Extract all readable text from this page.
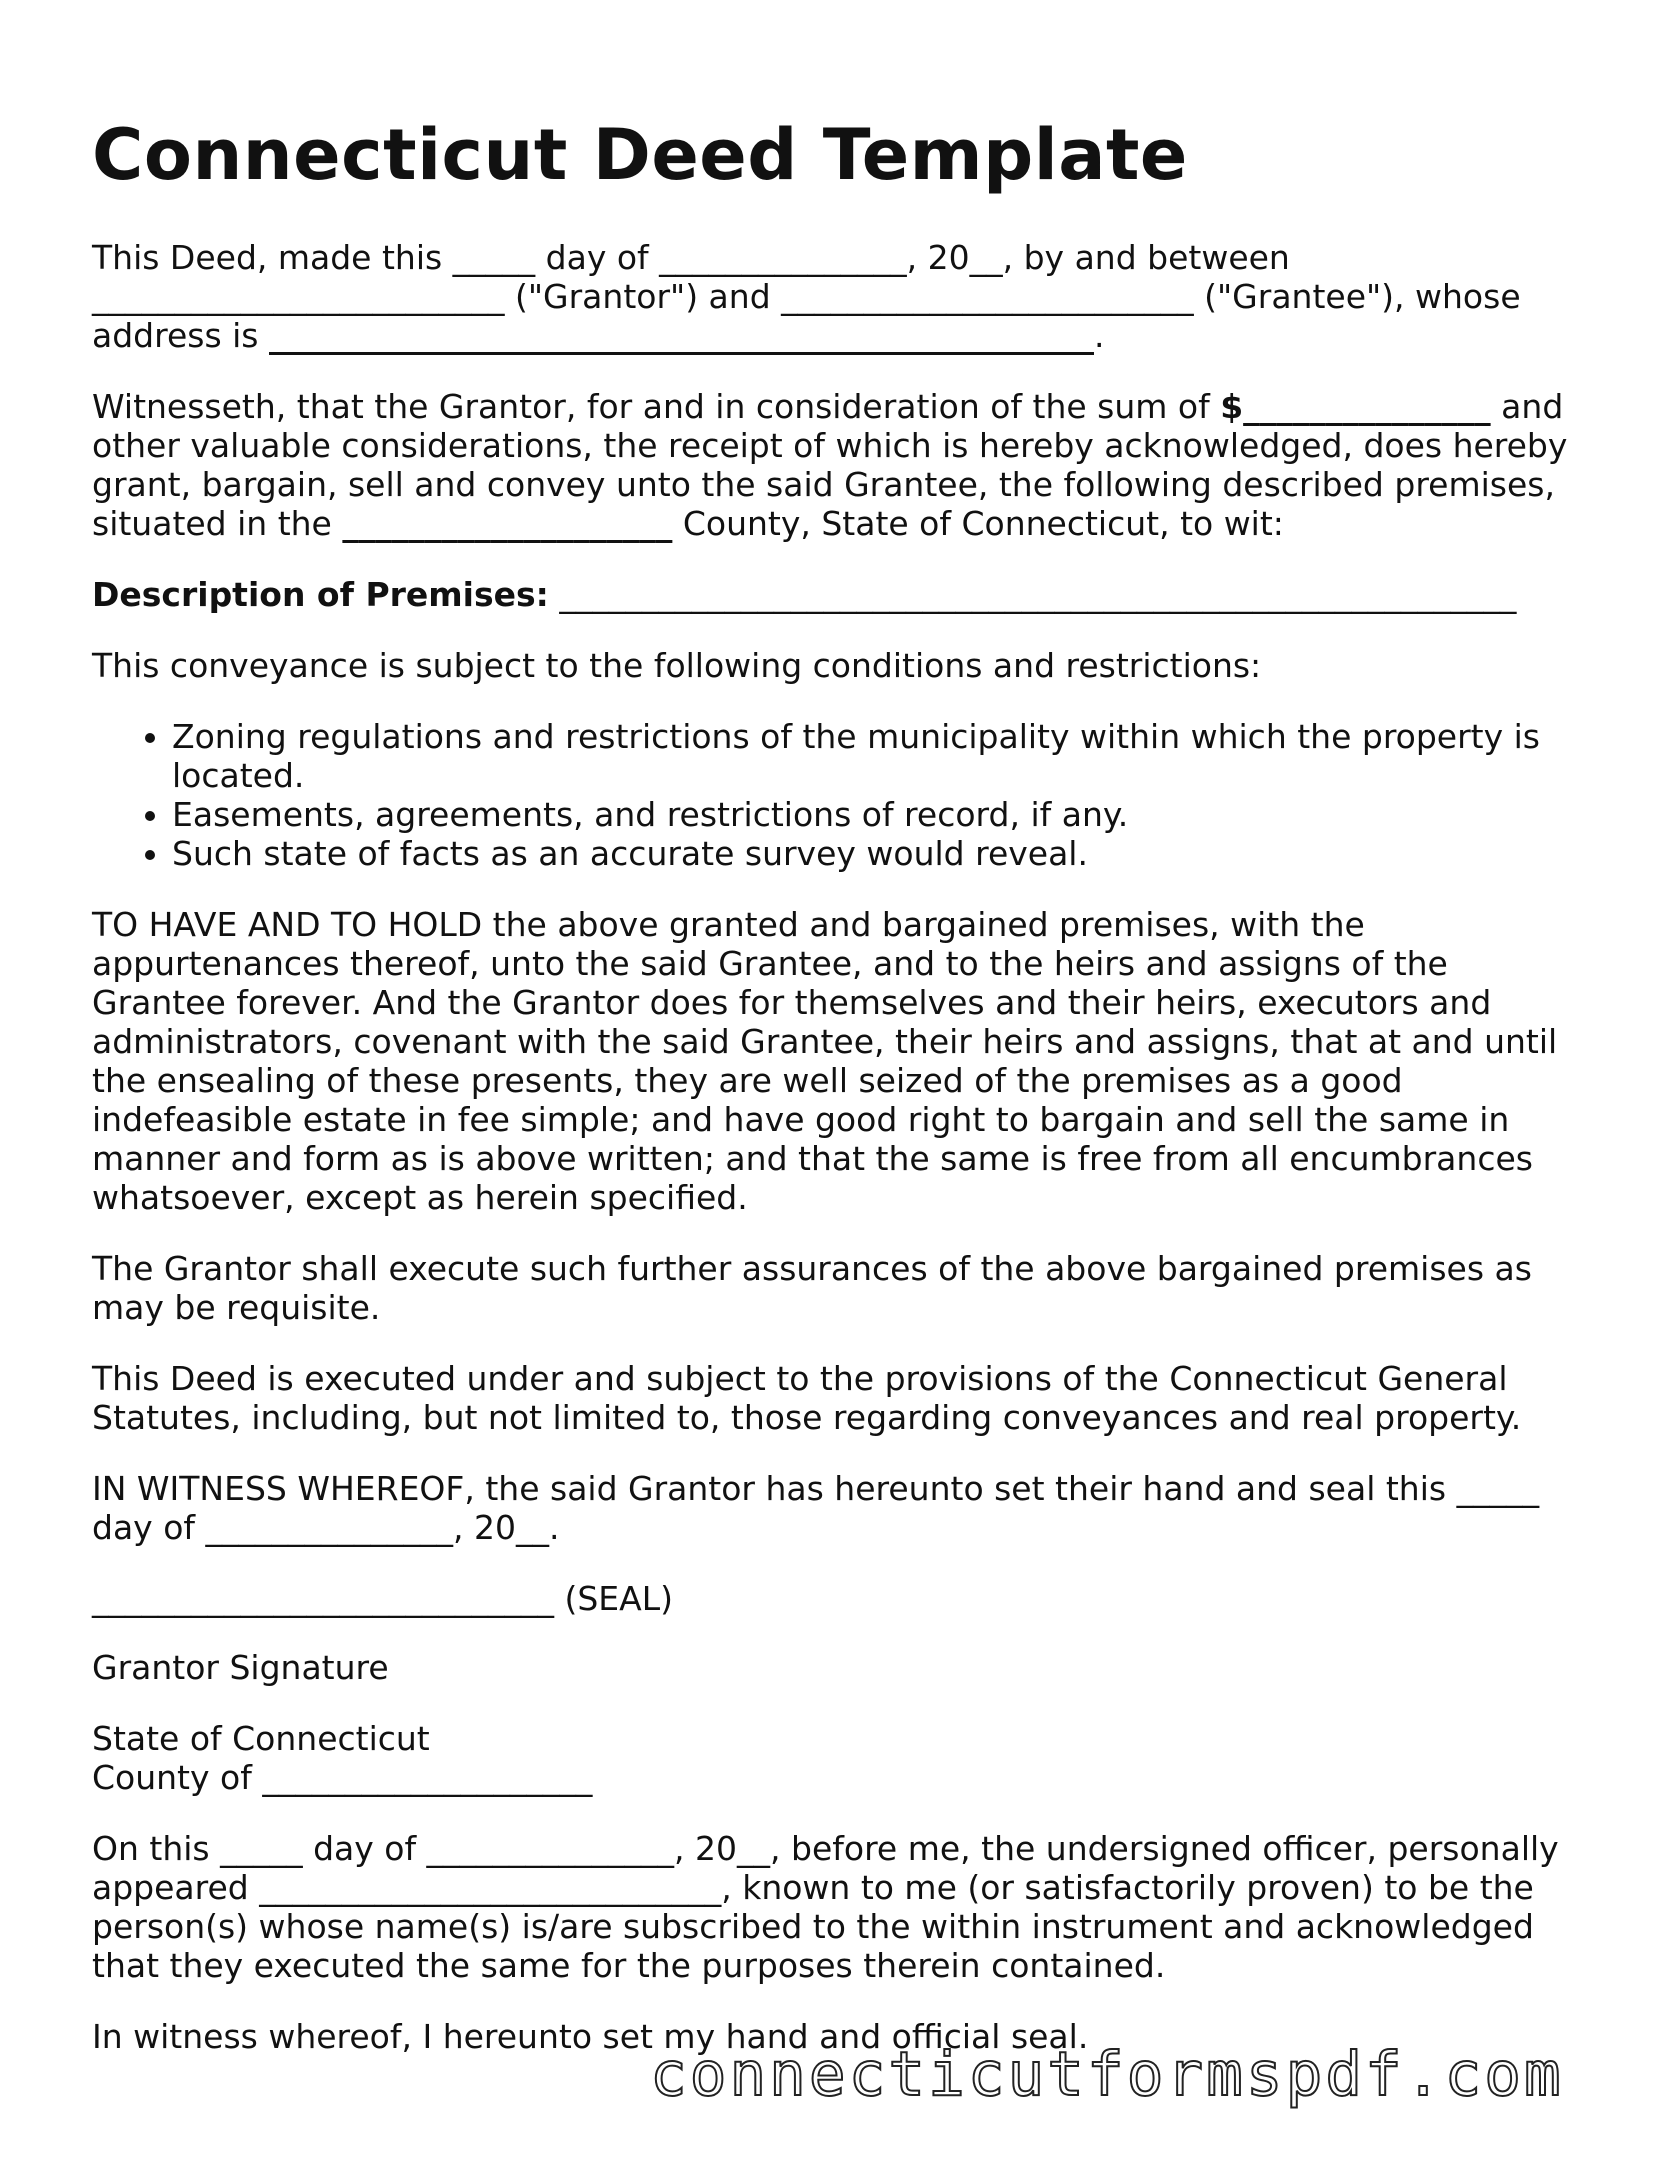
Connecticut Deed Template

This Deed, made this _____ day of _______________, 20__, by and between _________________________ ("Grantor") and _________________________ ("Grantee"), whose address is __________________________________________________.

Witnesseth, that the Grantor, for and in consideration of the sum of $_______________ and other valuable considerations, the receipt of which is hereby acknowledged, does hereby grant, bargain, sell and convey unto the said Grantee, the following described premises, situated in the ____________________ County, State of Connecticut, to wit:

Description of Premises: __________________________________________________________

This conveyance is subject to the following conditions and restrictions:

• Zoning regulations and restrictions of the municipality within which the property is located.
• Easements, agreements, and restrictions of record, if any.
• Such state of facts as an accurate survey would reveal.

TO HAVE AND TO HOLD the above granted and bargained premises, with the appurtenances thereof, unto the said Grantee, and to the heirs and assigns of the Grantee forever. And the Grantor does for themselves and their heirs, executors and administrators, covenant with the said Grantee, their heirs and assigns, that at and until the ensealing of these presents, they are well seized of the premises as a good indefeasible estate in fee simple; and have good right to bargain and sell the same in manner and form as is above written; and that the same is free from all encumbrances whatsoever, except as herein specified.

The Grantor shall execute such further assurances of the above bargained premises as may be requisite.

This Deed is executed under and subject to the provisions of the Connecticut General Statutes, including, but not limited to, those regarding conveyances and real property.

IN WITNESS WHEREOF, the said Grantor has hereunto set their hand and seal this _____ day of _______________, 20__.

____________________________ (SEAL)

Grantor Signature

State of Connecticut
County of ____________________

On this _____ day of _______________, 20__, before me, the undersigned officer, personally appeared ____________________________, known to me (or satisfactorily proven) to be the person(s) whose name(s) is/are subscribed to the within instrument and acknowledged that they executed the same for the purposes therein contained.

In witness whereof, I hereunto set my hand and official seal.

connecticutformspdf.com
